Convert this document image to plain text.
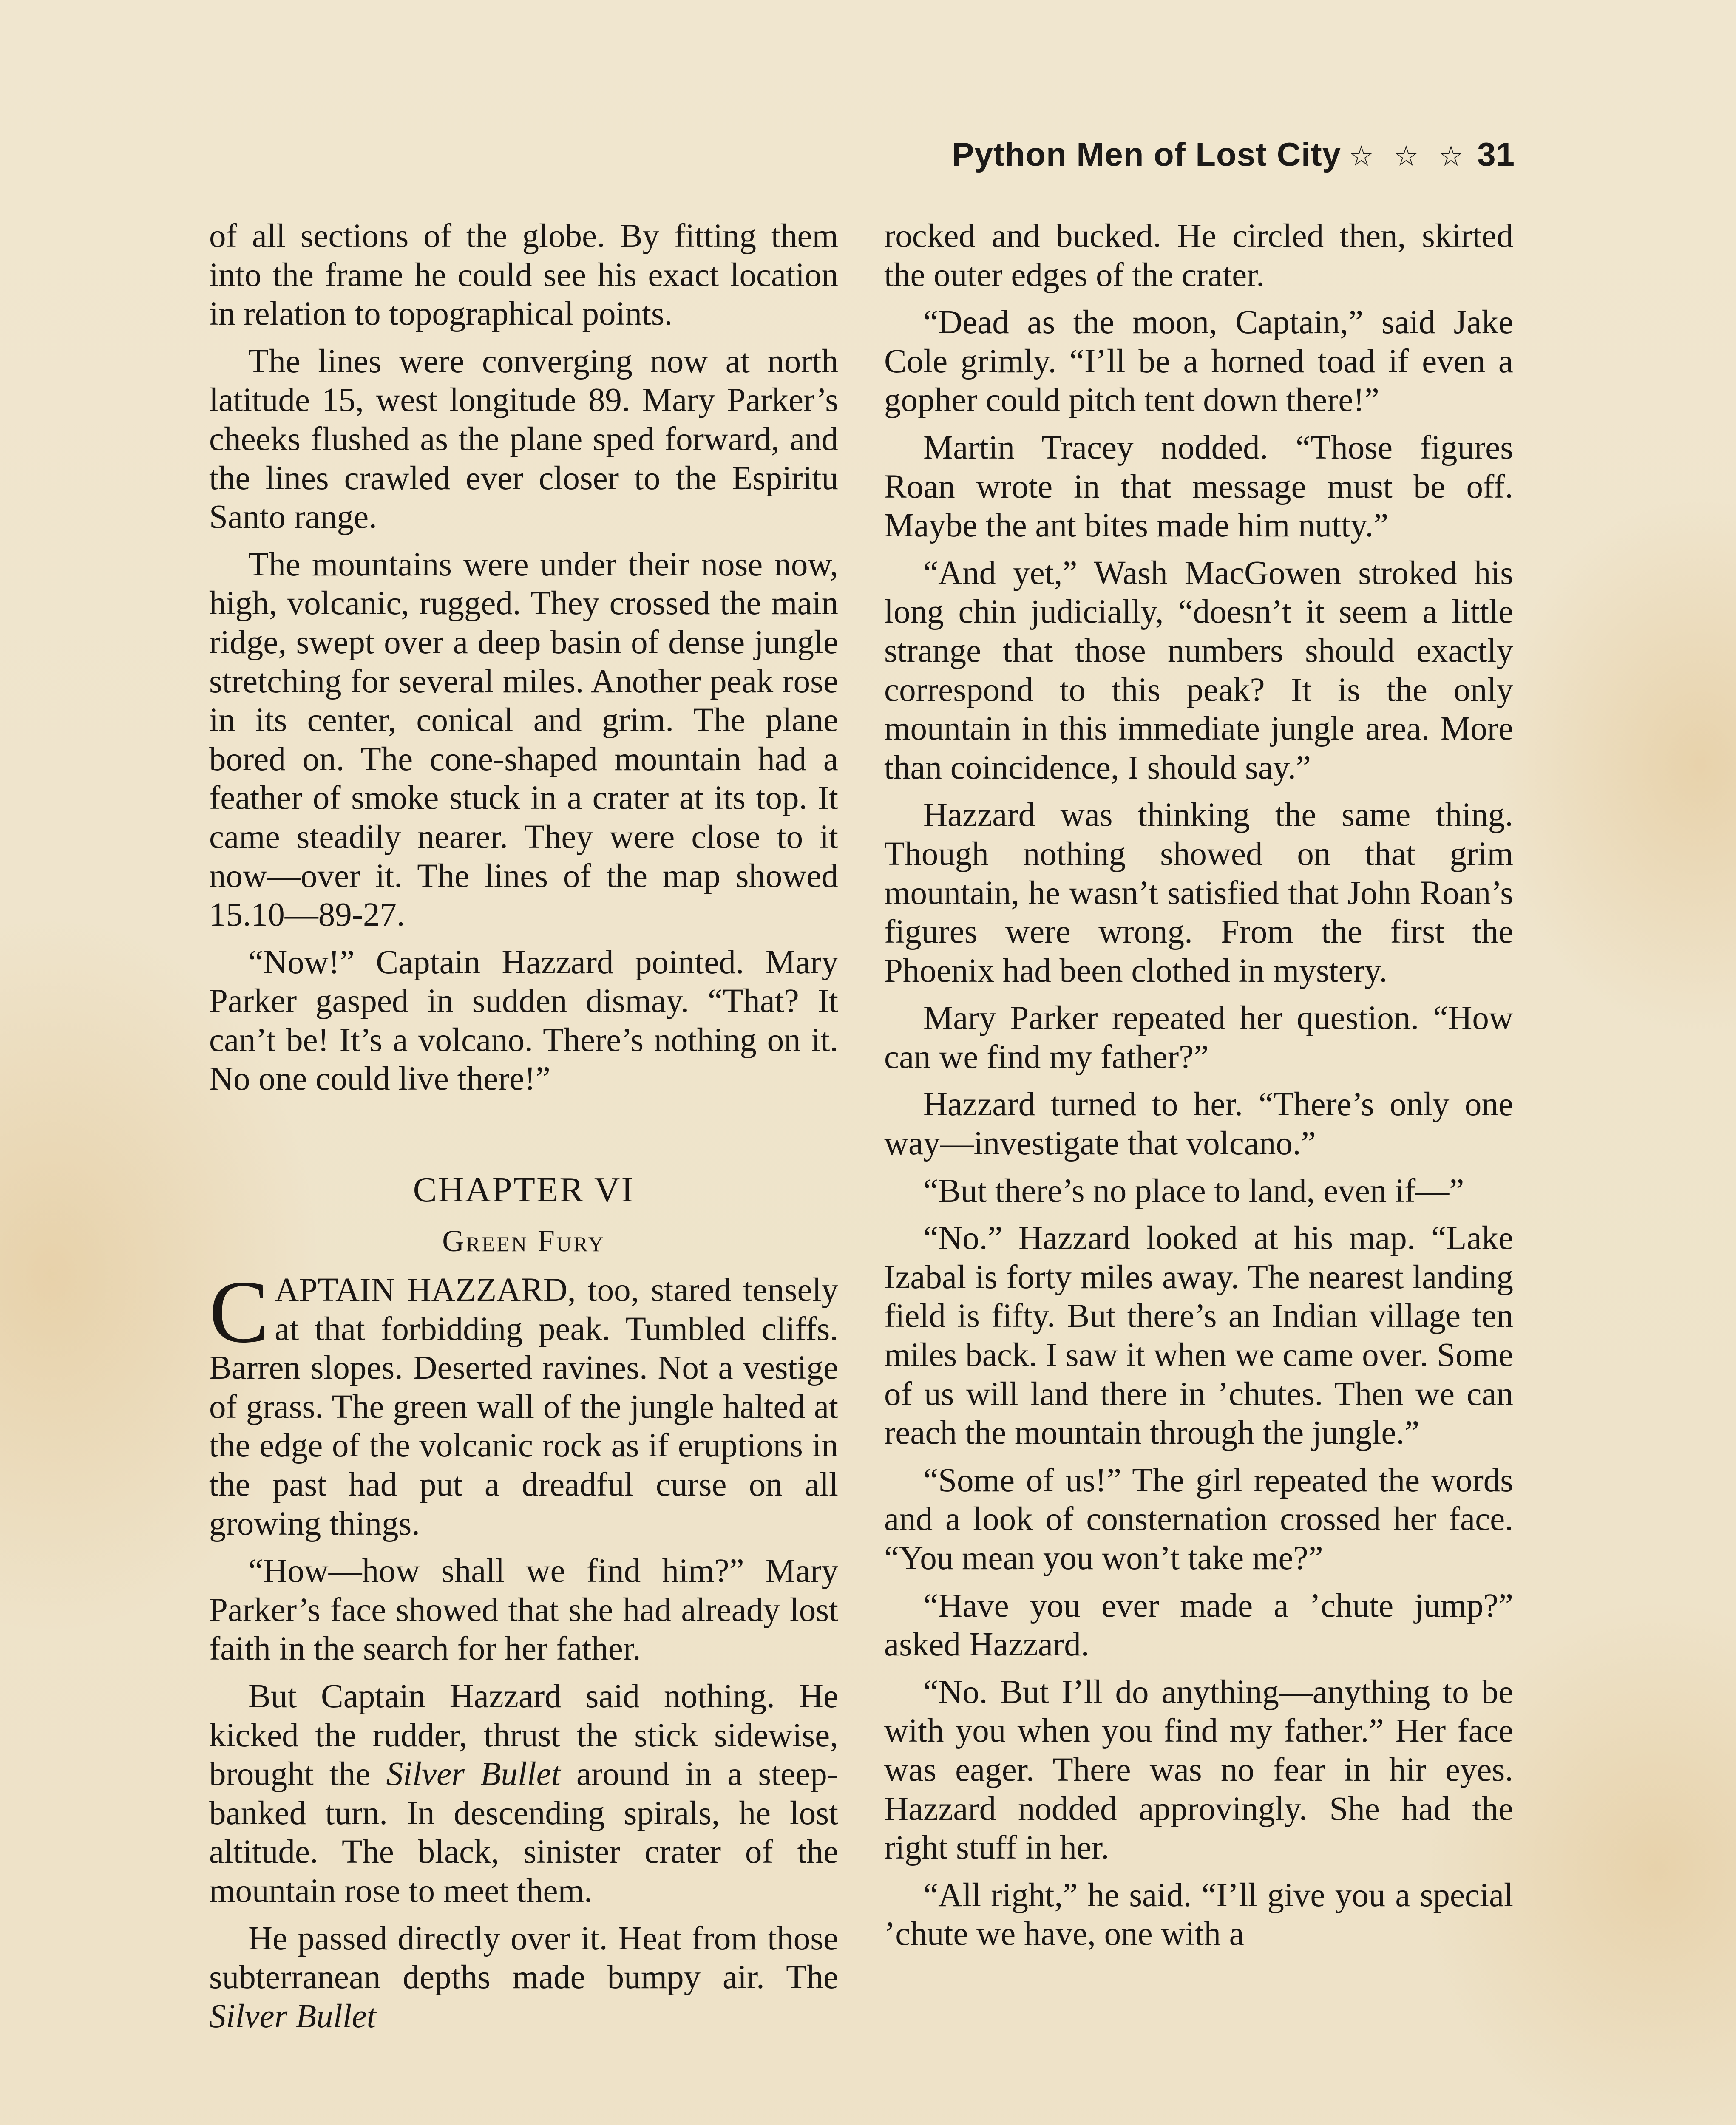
Python Men of Lost City ☆ ☆ ☆ 31

of all sections of the globe. By fitting them into the frame he could see his exact location in relation to topographical points.

The lines were converging now at north latitude 15, west longitude 89. Mary Parker’s cheeks flushed as the plane sped forward, and the lines crawled ever closer to the Espiritu Santo range.

The mountains were under their nose now, high, volcanic, rugged. They crossed the main ridge, swept over a deep basin of dense jungle stretching for several miles. Another peak rose in its center, conical and grim. The plane bored on. The cone-shaped mountain had a feather of smoke stuck in a crater at its top. It came steadily nearer. They were close to it now—over it. The lines of the map showed 15.10—89-27.

“Now!” Captain Hazzard pointed. Mary Parker gasped in sudden dismay. “That? It can’t be! It’s a volcano. There’s nothing on it. No one could live there!”

CHAPTER VI
Green Fury

CAPTAIN HAZZARD, too, stared tensely at that forbidding peak. Tumbled cliffs. Barren slopes. Deserted ravines. Not a vestige of grass. The green wall of the jungle halted at the edge of the volcanic rock as if eruptions in the past had put a dreadful curse on all growing things.

“How—how shall we find him?” Mary Parker’s face showed that she had already lost faith in the search for her father.

But Captain Hazzard said nothing. He kicked the rudder, thrust the stick sidewise, brought the Silver Bullet around in a steep-banked turn. In descending spirals, he lost altitude. The black, sinister crater of the mountain rose to meet them.

He passed directly over it. Heat from those subterranean depths made bumpy air. The Silver Bullet

rocked and bucked. He circled then, skirted the outer edges of the crater.

“Dead as the moon, Captain,” said Jake Cole grimly. “I’ll be a horned toad if even a gopher could pitch tent down there!”

Martin Tracey nodded. “Those figures Roan wrote in that message must be off. Maybe the ant bites made him nutty.”

“And yet,” Wash MacGowen stroked his long chin judicially, “doesn’t it seem a little strange that those numbers should exactly correspond to this peak? It is the only mountain in this immediate jungle area. More than coincidence, I should say.”

Hazzard was thinking the same thing. Though nothing showed on that grim mountain, he wasn’t satisfied that John Roan’s figures were wrong. From the first the Phoenix had been clothed in mystery.

Mary Parker repeated her question. “How can we find my father?”

Hazzard turned to her. “There’s only one way—investigate that volcano.”

“But there’s no place to land, even if—”

“No.” Hazzard looked at his map. “Lake Izabal is forty miles away. The nearest landing field is fifty. But there’s an Indian village ten miles back. I saw it when we came over. Some of us will land there in ’chutes. Then we can reach the mountain through the jungle.”

“Some of us!” The girl repeated the words and a look of consternation crossed her face. “You mean you won’t take me?”

“Have you ever made a ’chute jump?” asked Hazzard.

“No. But I’ll do anything—anything to be with you when you find my father.” Her face was eager. There was no fear in hir eyes. Hazzard nodded approvingly. She had the right stuff in her.

“All right,” he said. “I’ll give you a special ’chute we have, one with a
